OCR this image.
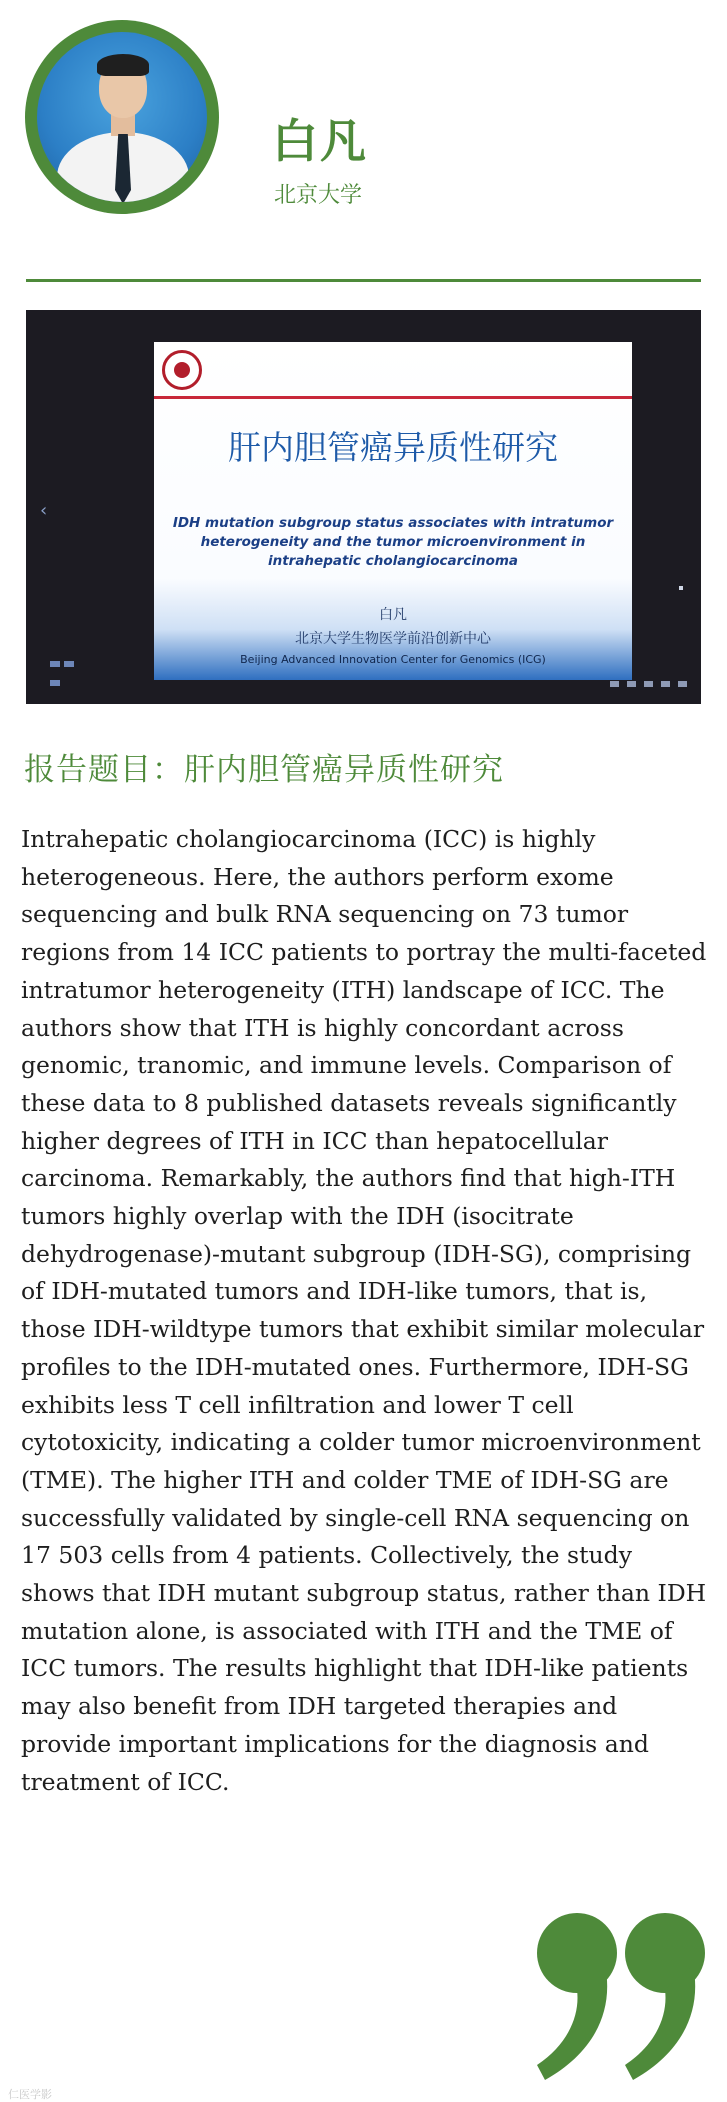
白凡
北京大学
‹
肝内胆管癌异质性研究
IDH mutation subgroup status associates with intratumor heterogeneity and the tumor microenvironment in intrahepatic cholangiocarcinoma
白凡
北京大学生物医学前沿创新中心
Beijing Advanced Innovation Center for Genomics (ICG)
报告题目：肝内胆管癌异质性研究

Intrahepatic cholangiocarcinoma (ICC) is highly heterogeneous. Here, the authors perform exome sequencing and bulk RNA sequencing on 73 tumor regions from 14 ICC patients to portray the multi-faceted intratumor heterogeneity (ITH) landscape of ICC. The authors show that ITH is highly concordant across genomic, tranomic, and immune levels. Comparison of these data to 8 published datasets reveals significantly higher degrees of ITH in ICC than hepatocellular carcinoma. Remarkably, the authors find that high-ITH tumors highly overlap with the IDH (isocitrate dehydrogenase)-mutant subgroup (IDH-SG), comprising of IDH-mutated tumors and IDH-like tumors, that is, those IDH-wildtype tumors that exhibit similar molecular profiles to the IDH-mutated ones. Furthermore, IDH-SG exhibits less T cell infiltration and lower T cell cytotoxicity, indicating a colder tumor microenvironment (TME). The higher ITH and colder TME of IDH-SG are successfully validated by single-cell RNA sequencing on 17 503 cells from 4 patients. Collectively, the study shows that IDH mutant subgroup status, rather than IDH mutation alone, is associated with ITH and the TME of ICC tumors. The results highlight that IDH-like patients may also benefit from IDH targeted therapies and provide important implications for the diagnosis and treatment of ICC.

仁医学影
